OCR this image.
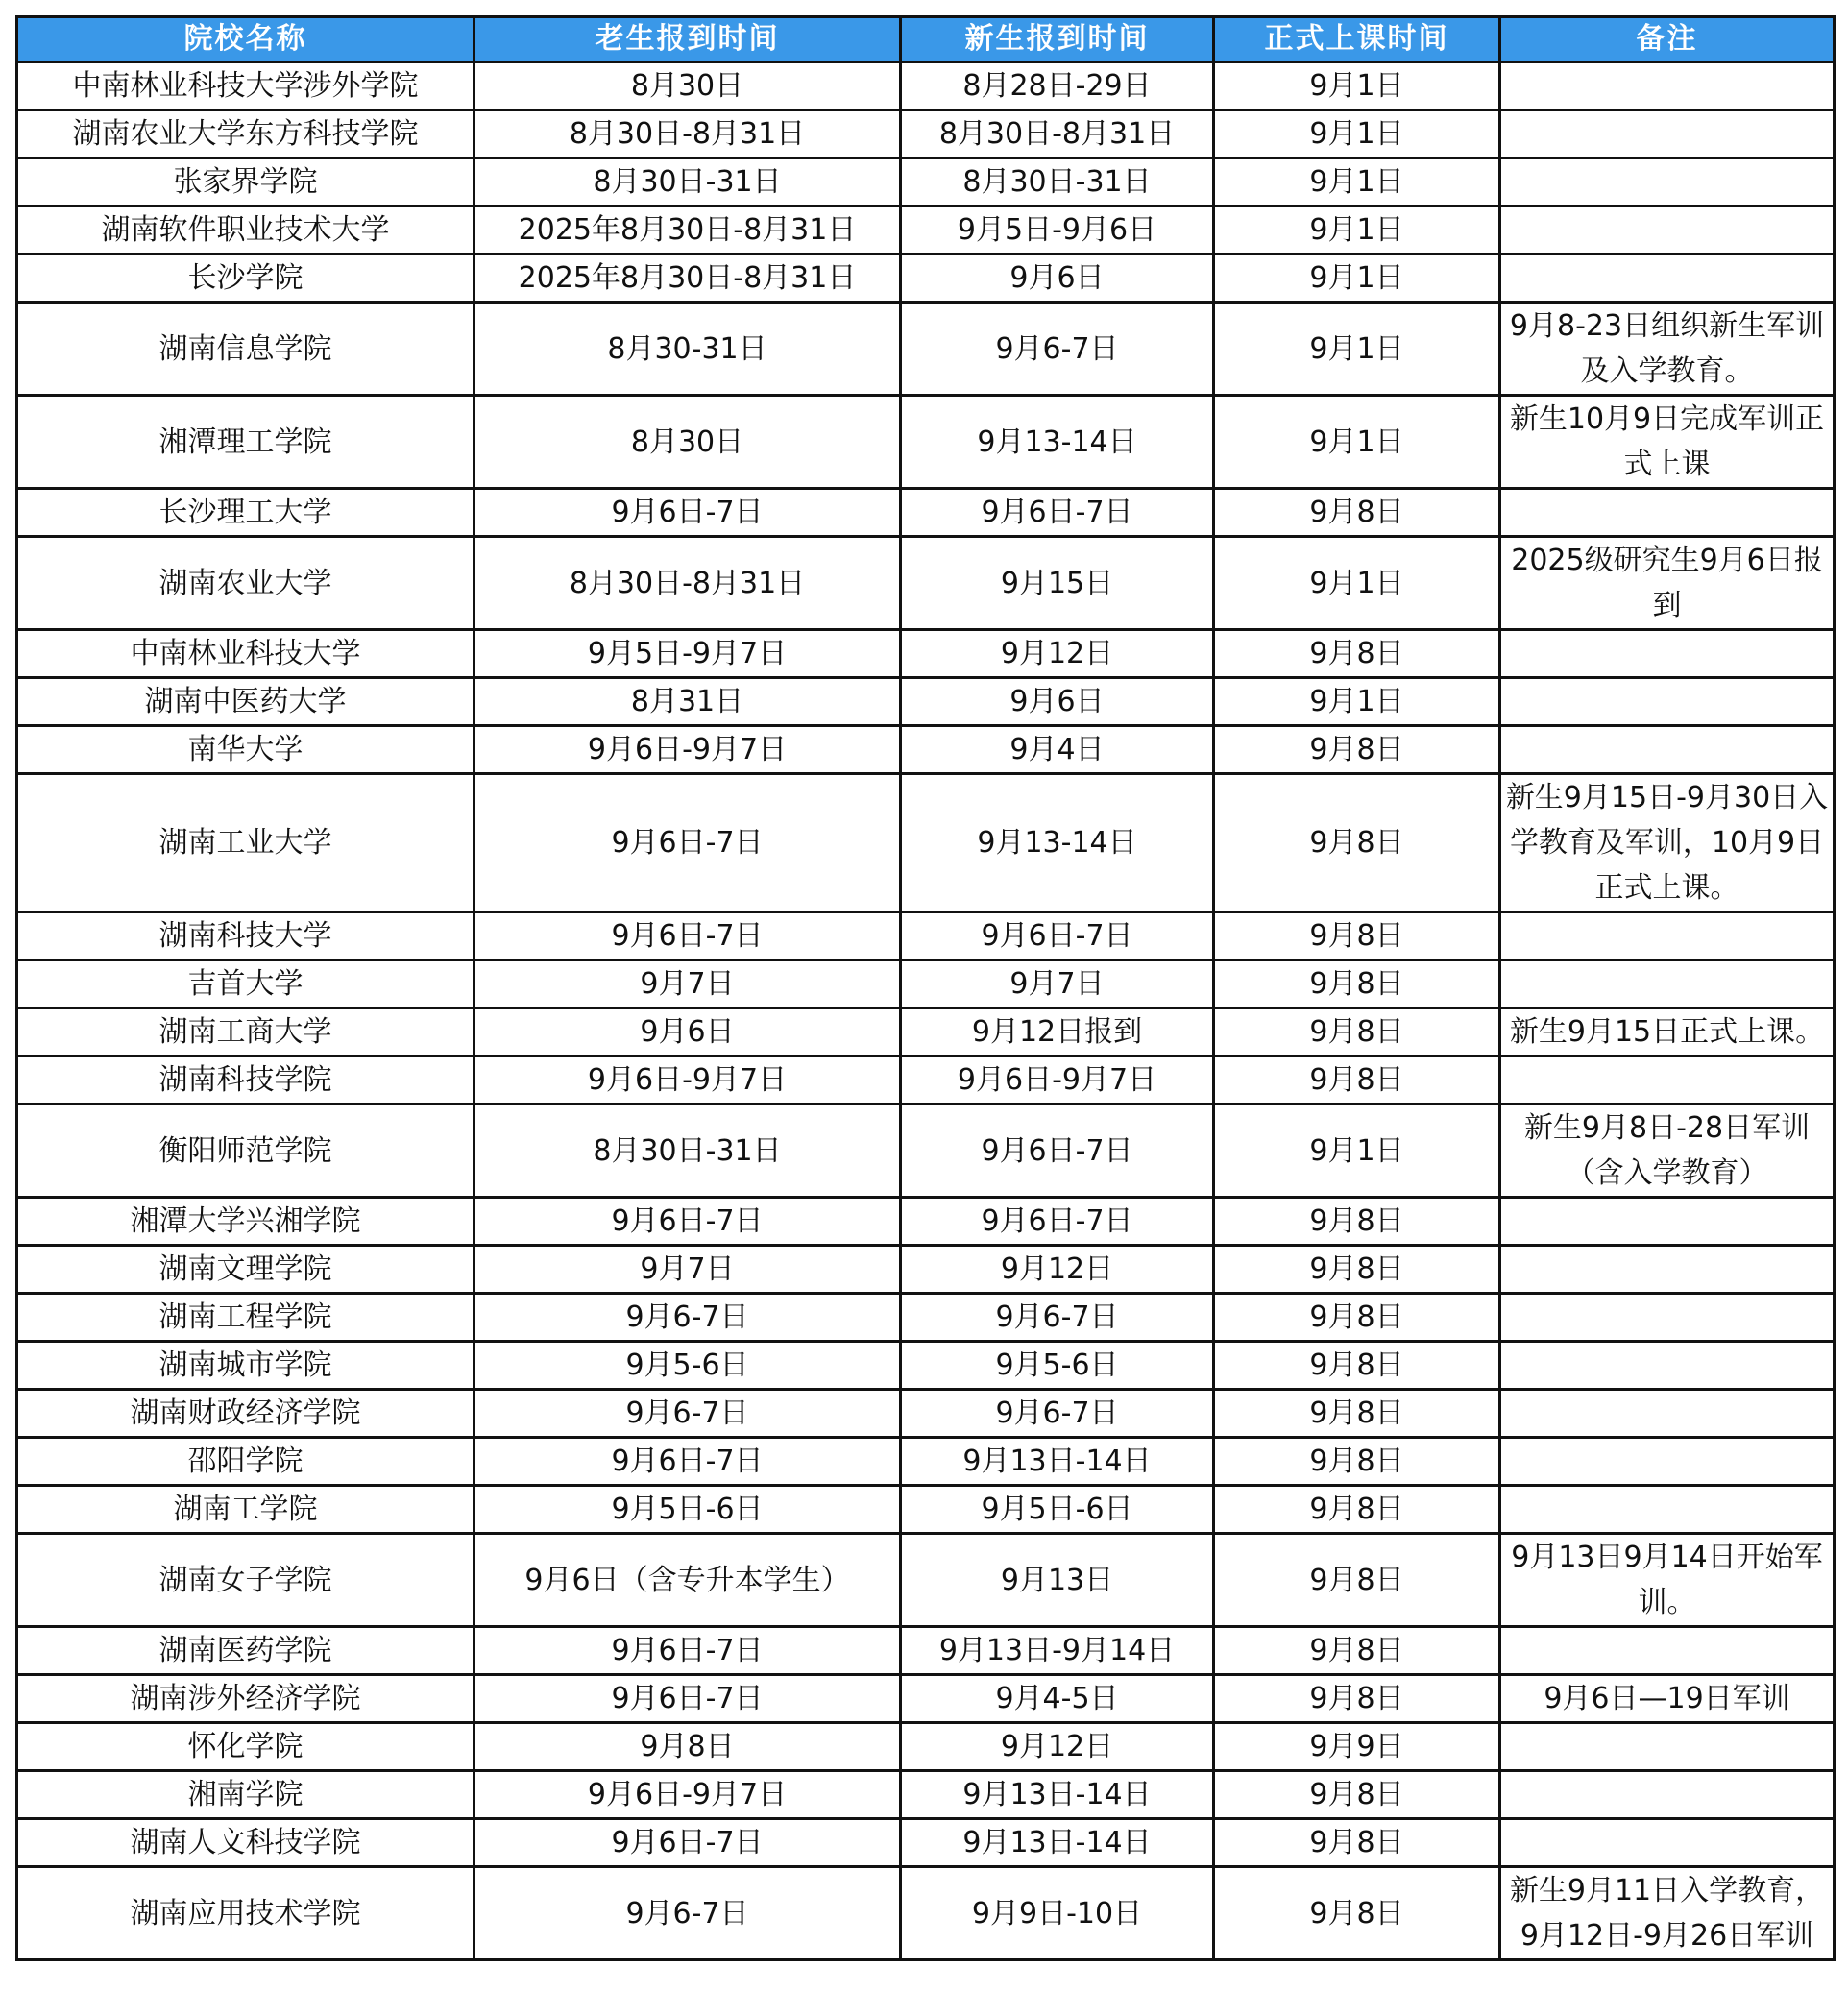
院校名称	老生报到时间	新生报到时间	正式上课时间	备注
中南林业科技大学涉外学院	8月30日	8月28日-29日	9月1日	
湖南农业大学东方科技学院	8月30日-8月31日	8月30日-8月31日	9月1日	
张家界学院	8月30日-31日	8月30日-31日	9月1日	
湖南软件职业技术大学	2025年8月30日-8月31日	9月5日-9月6日	9月1日	
长沙学院	2025年8月30日-8月31日	9月6日	9月1日	
湖南信息学院	8月30-31日	9月6-7日	9月1日	9月8-23日组织新生军训及入学教育。
湘潭理工学院	8月30日	9月13-14日	9月1日	新生10月9日完成军训正式上课
长沙理工大学	9月6日-7日	9月6日-7日	9月8日	
湖南农业大学	8月30日-8月31日	9月15日	9月1日	2025级研究生9月6日报到
中南林业科技大学	9月5日-9月7日	9月12日	9月8日	
湖南中医药大学	8月31日	9月6日	9月1日	
南华大学	9月6日-9月7日	9月4日	9月8日	
湖南工业大学	9月6日-7日	9月13-14日	9月8日	新生9月15日-9月30日入学教育及军训，10月9日正式上课。
湖南科技大学	9月6日-7日	9月6日-7日	9月8日	
吉首大学	9月7日	9月7日	9月8日	
湖南工商大学	9月6日	9月12日报到	9月8日	新生9月15日正式上课。
湖南科技学院	9月6日-9月7日	9月6日-9月7日	9月8日	
衡阳师范学院	8月30日-31日	9月6日-7日	9月1日	新生9月8日-28日军训（含入学教育）
湘潭大学兴湘学院	9月6日-7日	9月6日-7日	9月8日	
湖南文理学院	9月7日	9月12日	9月8日	
湖南工程学院	9月6-7日	9月6-7日	9月8日	
湖南城市学院	9月5-6日	9月5-6日	9月8日	
湖南财政经济学院	9月6-7日	9月6-7日	9月8日	
邵阳学院	9月6日-7日	9月13日-14日	9月8日	
湖南工学院	9月5日-6日	9月5日-6日	9月8日	
湖南女子学院	9月6日（含专升本学生）	9月13日	9月8日	9月13日9月14日开始军训。
湖南医药学院	9月6日-7日	9月13日-9月14日	9月8日	
湖南涉外经济学院	9月6日-7日	9月4-5日	9月8日	9月6日—19日军训
怀化学院	9月8日	9月12日	9月9日	
湘南学院	9月6日-9月7日	9月13日-14日	9月8日	
湖南人文科技学院	9月6日-7日	9月13日-14日	9月8日	
湖南应用技术学院	9月6-7日	9月9日-10日	9月8日	新生9月11日入学教育，9月12日-9月26日军训
